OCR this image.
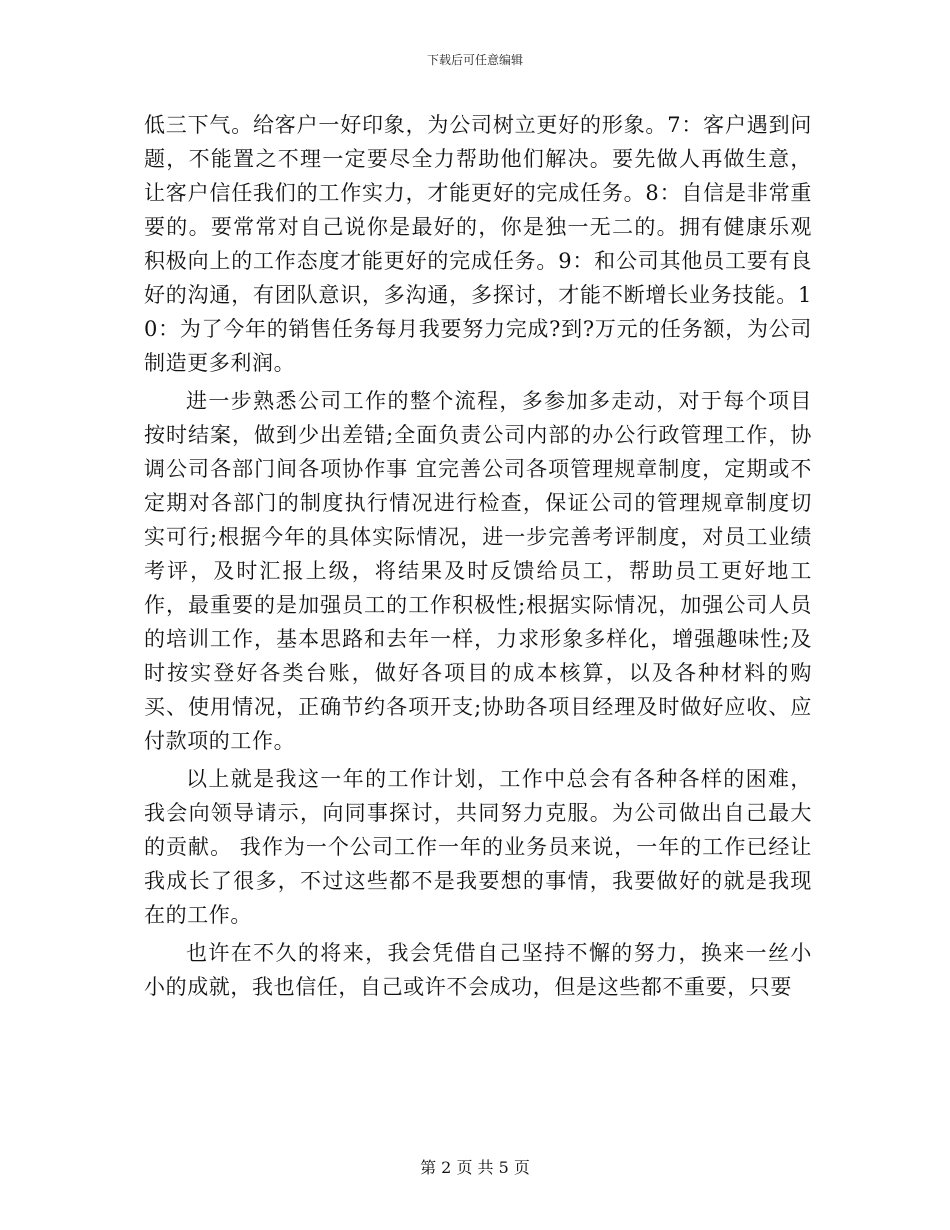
下载后可任意编辑

低三下气。给客户一好印象，为公司树立更好的形象。7：客户遇到问题，不能置之不理一定要尽全力帮助他们解决。要先做人再做生意，让客户信任我们的工作实力，才能更好的完成任务。8：自信是非常重要的。要常常对自己说你是最好的，你是独一无二的。拥有健康乐观积极向上的工作态度才能更好的完成任务。9：和公司其他员工要有良好的沟通，有团队意识，多沟通，多探讨，才能不断增长业务技能。10：为了今年的销售任务每月我要努力完成?到?万元的任务额，为公司制造更多利润。

进一步熟悉公司工作的整个流程，多参加多走动，对于每个项目按时结案，做到少出差错;全面负责公司内部的办公行政管理工作，协调公司各部门间各项协作事 宜完善公司各项管理规章制度，定期或不定期对各部门的制度执行情况进行检查，保证公司的管理规章制度切实可行;根据今年的具体实际情况，进一步完善考评制度，对员工业绩考评，及时汇报上级，将结果及时反馈给员工，帮助员工更好地工作，最重要的是加强员工的工作积极性;根据实际情况，加强公司人员的培训工作，基本思路和去年一样，力求形象多样化，增强趣味性;及时按实登好各类台账，做好各项目的成本核算，以及各种材料的购买、使用情况，正确节约各项开支;协助各项目经理及时做好应收、应付款项的工作。

以上就是我这一年的工作计划，工作中总会有各种各样的困难，我会向领导请示，向同事探讨，共同努力克服。为公司做出自己最大的贡献。 我作为一个公司工作一年的业务员来说，一年的工作已经让我成长了很多，不过这些都不是我要想的事情，我要做好的就是我现在的工作。

也许在不久的将来，我会凭借自己坚持不懈的努力，换来一丝小小的成就，我也信任，自己或许不会成功，但是这些都不重要，只要

第 2 页 共 5 页
